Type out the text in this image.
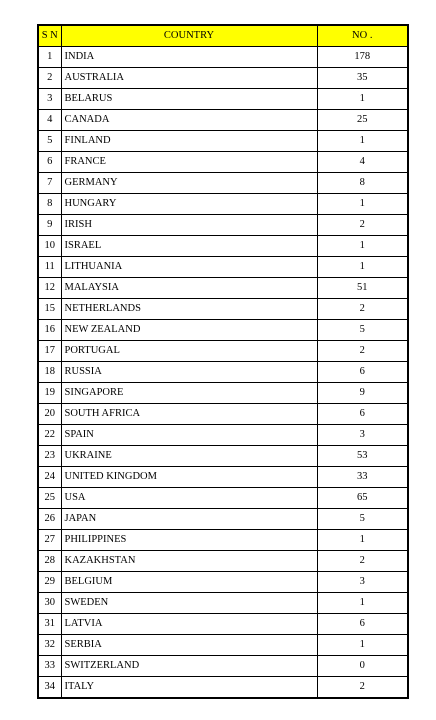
S N	COUNTRY	NO .
1	INDIA	178
2	AUSTRALIA	35
3	BELARUS	1
4	CANADA	25
5	FINLAND	1
6	FRANCE	4
7	GERMANY	8
8	HUNGARY	1
9	IRISH	2
10	ISRAEL	1
11	LITHUANIA	1
12	MALAYSIA	51
15	NETHERLANDS	2
16	NEW ZEALAND	5
17	PORTUGAL	2
18	RUSSIA	6
19	SINGAPORE	9
20	SOUTH AFRICA	6
22	SPAIN	3
23	UKRAINE	53
24	UNITED KINGDOM	33
25	USA	65
26	JAPAN	5
27	PHILIPPINES	1
28	KAZAKHSTAN	2
29	BELGIUM	3
30	SWEDEN	1
31	LATVIA	6
32	SERBIA	1
33	SWITZERLAND	0
34	ITALY	2
